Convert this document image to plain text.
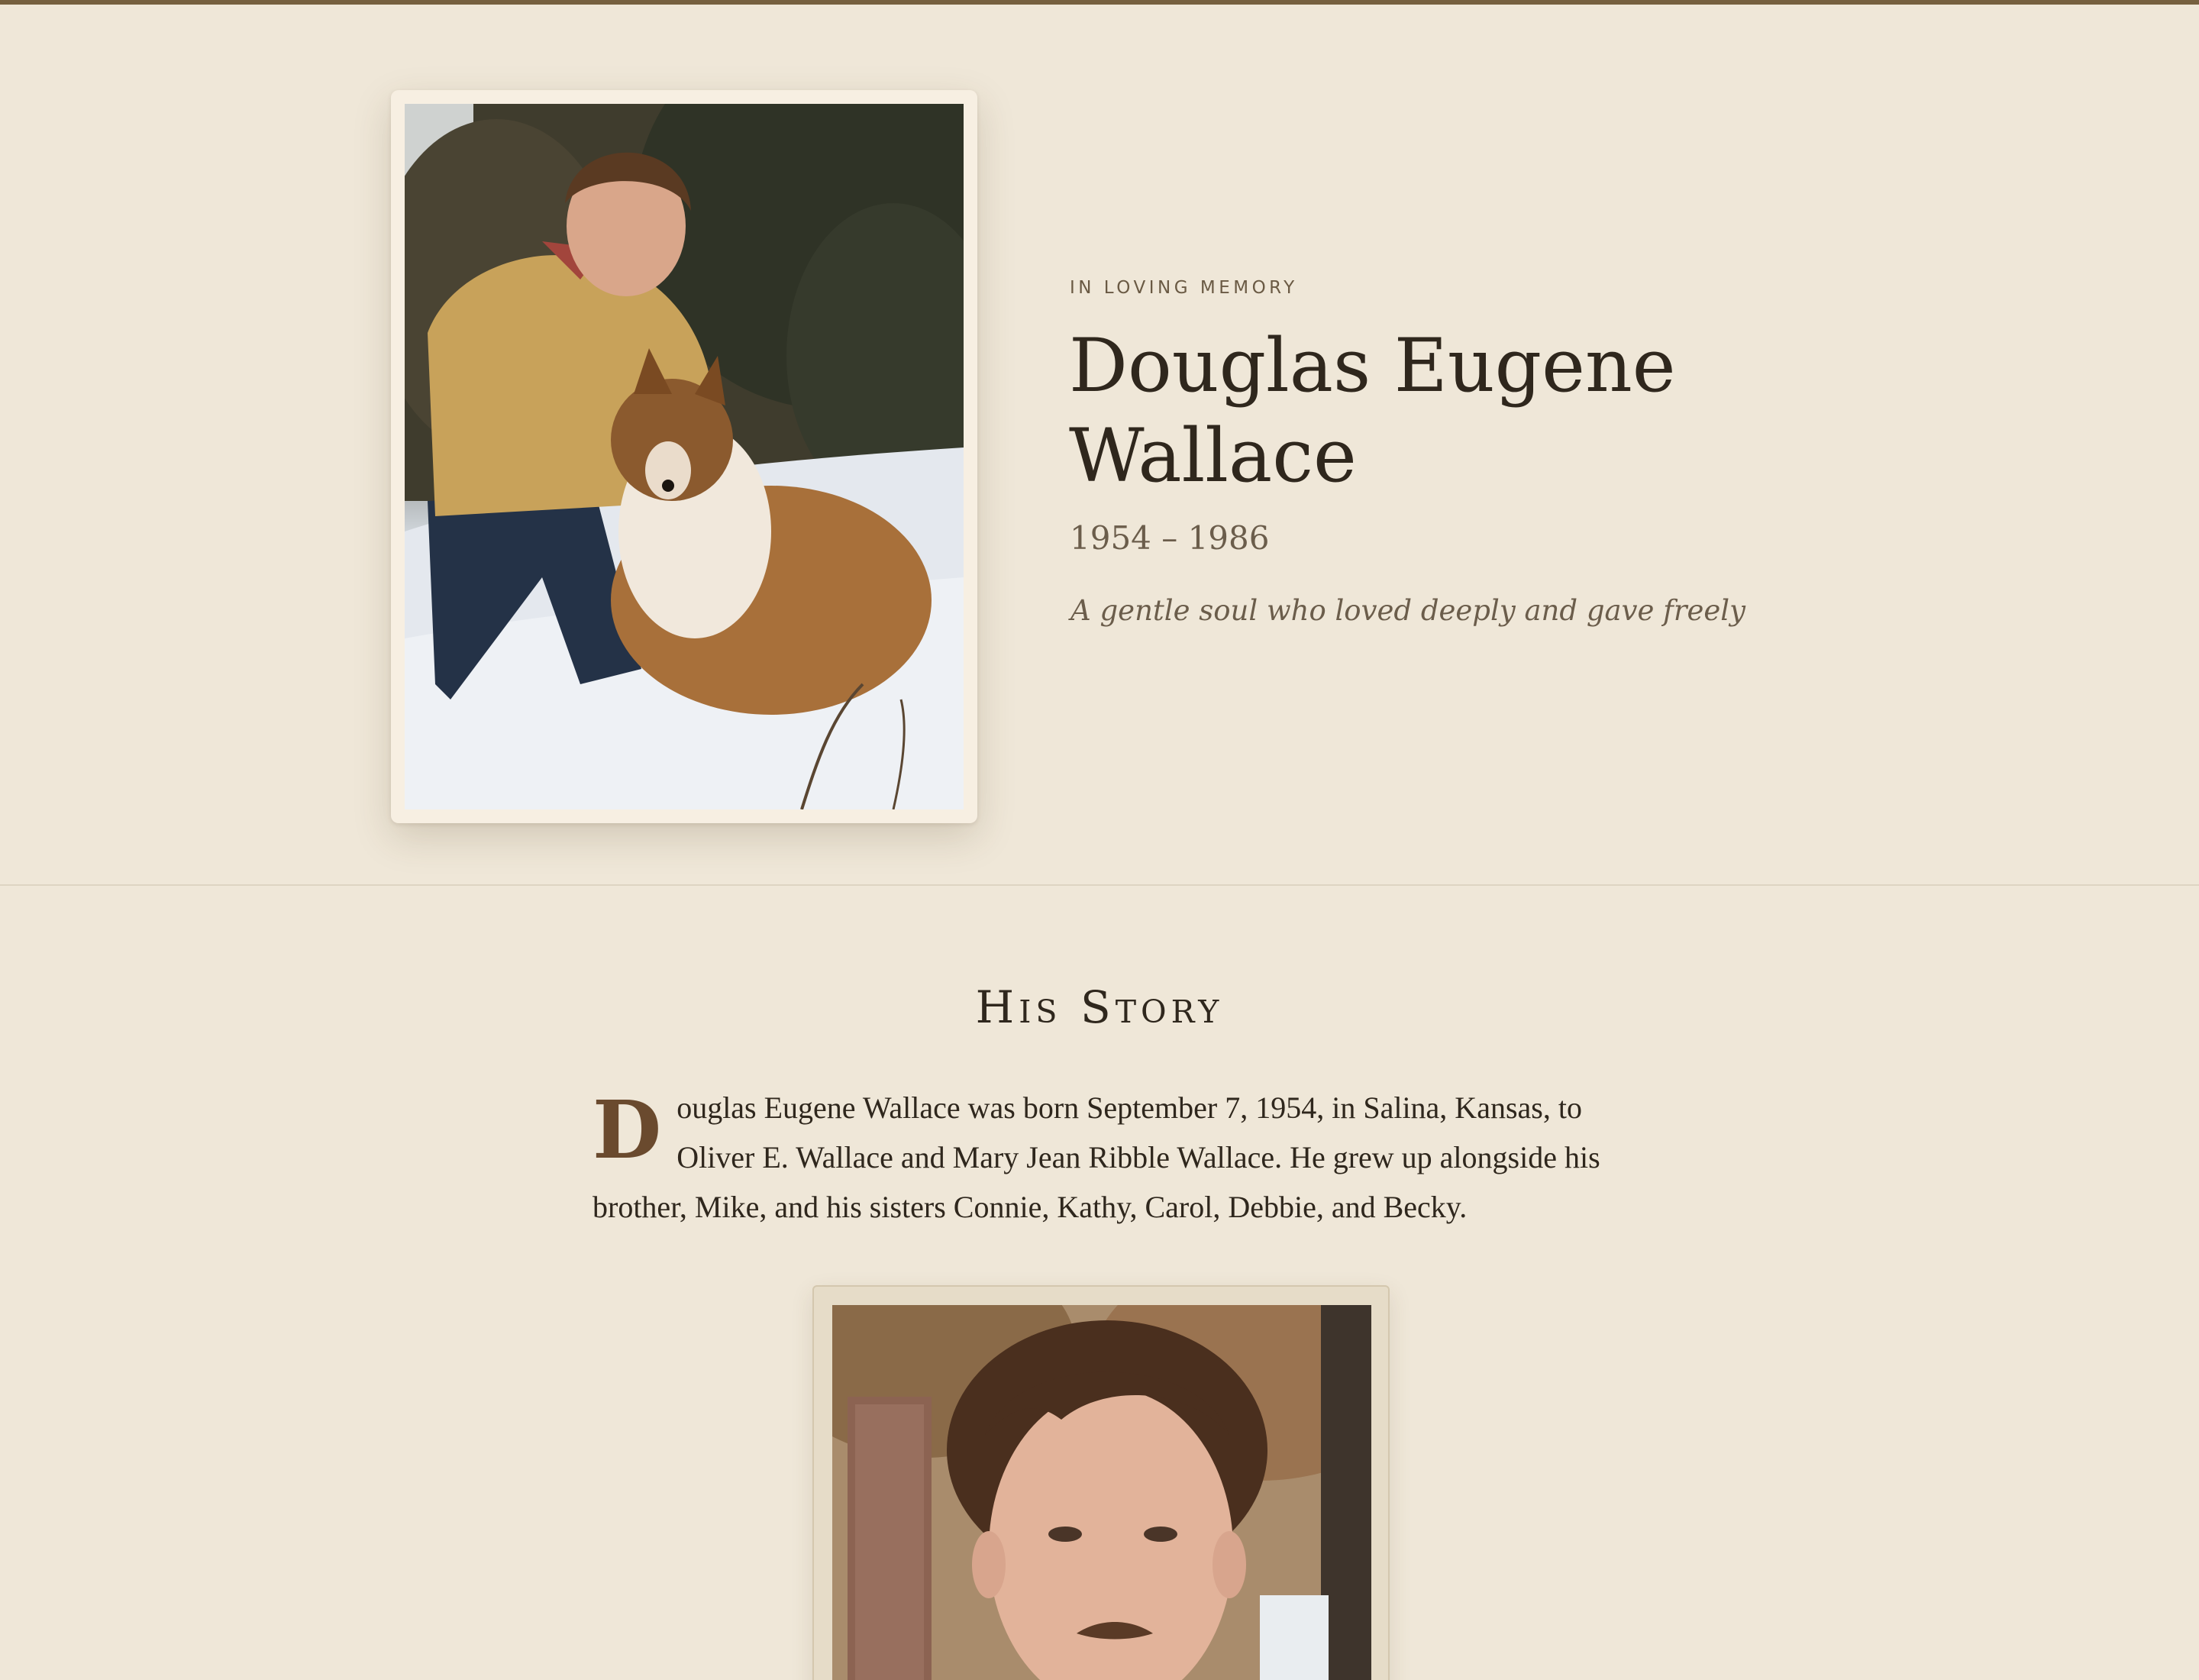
IN LOVING MEMORY
Douglas Eugene Wallace
1954 – 1986
A gentle soul who loved deeply and gave freely
His Story

Douglas Eugene Wallace was born September 7, 1954, in Salina, Kansas, to Oliver E. Wallace and Mary Jean Ribble Wallace. He grew up alongside his brother, Mike, and his sisters Connie, Kathy, Carol, Debbie, and Becky.
